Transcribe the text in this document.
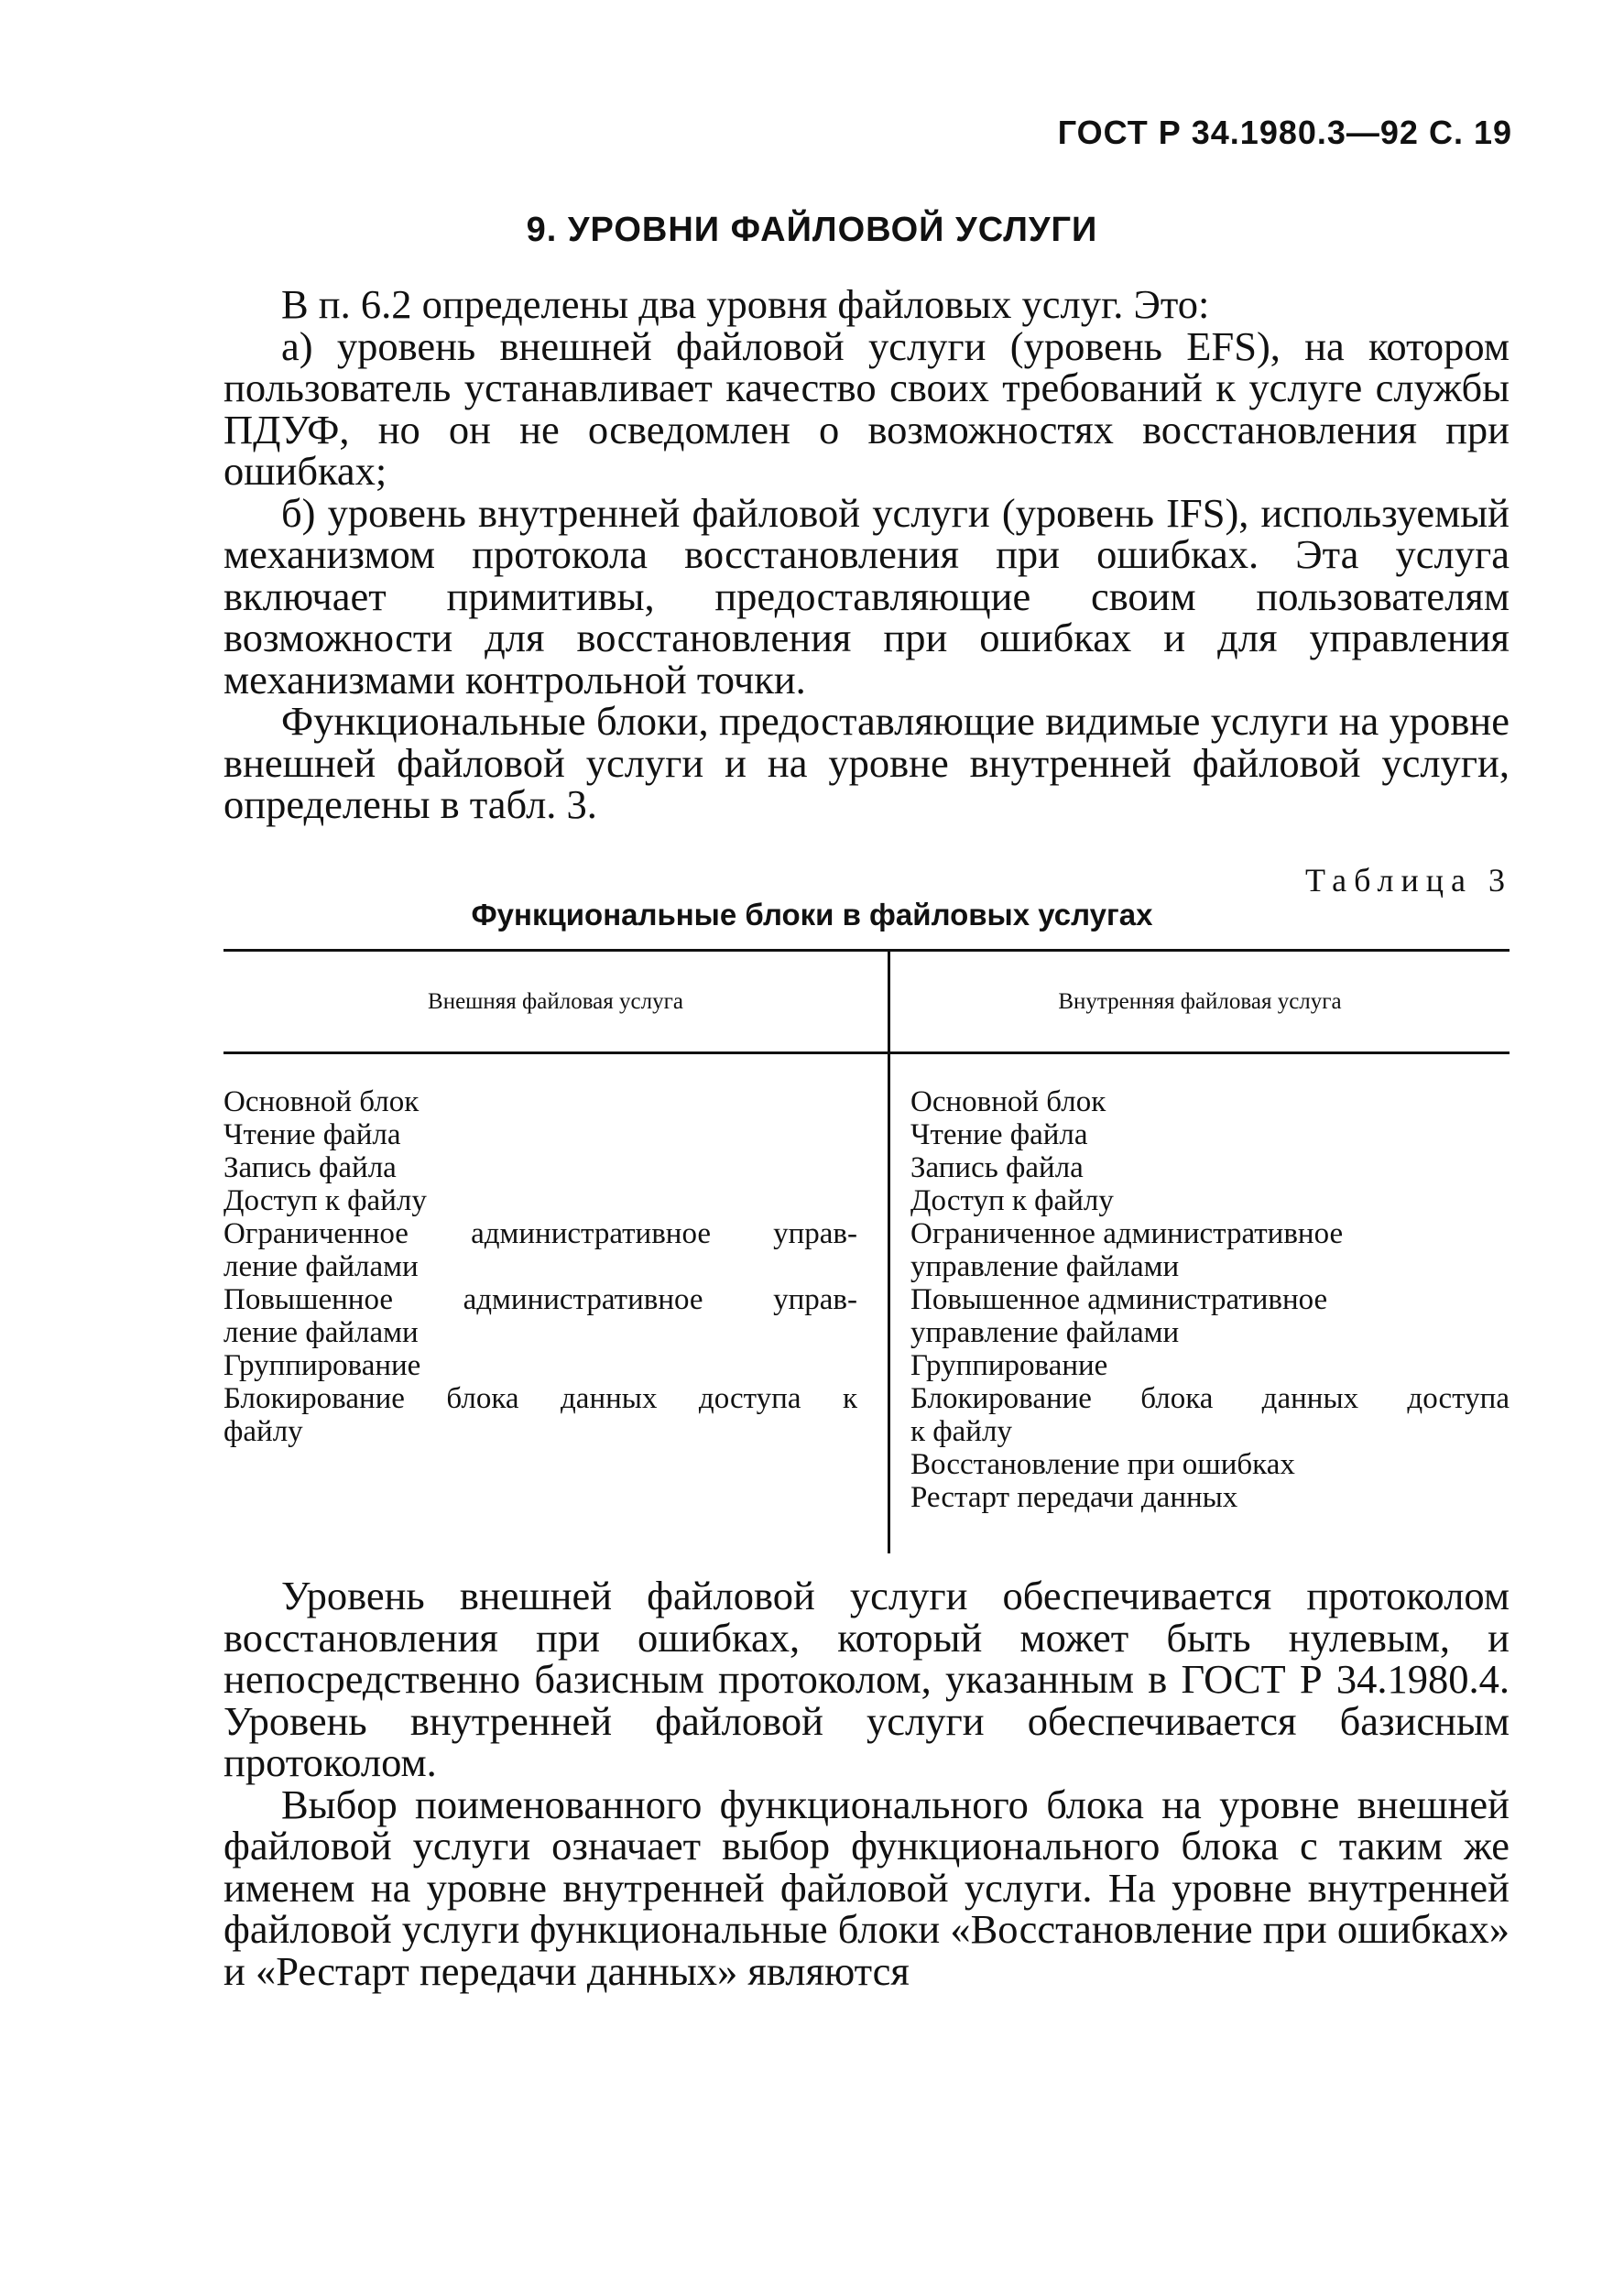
ГОСТ Р 34.1980.3—92 С. 19
9. УРОВНИ ФАЙЛОВОЙ УСЛУГИ

В п. 6.2 определены два уровня файловых услуг. Это:

а) уровень внешней файловой услуги (уровень EFS), на котором пользователь устанавливает качество своих требований к услуге службы ПДУФ, но он не осведомлен о возможностях восстановления при ошибках;

б) уровень внутренней файловой услуги (уровень IFS), используемый механизмом протокола восстановления при ошибках. Эта услуга включает примитивы, предоставляющие своим пользователям возможности для восстановления при ошибках и для управления механизмами контрольной точки.

Функциональные блоки, предоставляющие видимые услуги на уровне внешней файловой услуги и на уровне внутренней файловой услуги, определены в табл. 3.

Таблица 3
Функциональные блоки в файловых услугах
Внешняя файловая услуга	Внутренняя файловая услуга
Основной блок
Чтение файла
Запись файла
Доступ к файлу
Ограниченное административное управ-
ление файлами
Повышенное административное управ-
ление файлами
Группирование
Блокирование блока данных доступа к
файлу
Основной блок
Чтение файла
Запись файла
Доступ к файлу
Ограниченное административное
управление файлами
Повышенное административное
управление файлами
Группирование
Блокирование блока данных доступа
к файлу
Восстановление при ошибках
Рестарт передачи данных

Уровень внешней файловой услуги обеспечивается протоколом восстановления при ошибках, который может быть нулевым, и непосредственно базисным протоколом, указанным в ГОСТ Р 34.1980.4. Уровень внутренней файловой услуги обеспечивается базисным протоколом.

Выбор поименованного функционального блока на уровне внешней файловой услуги означает выбор функционального блока с таким же именем на уровне внутренней файловой услуги. На уровне внутренней файловой услуги функциональные блоки «Восстановление при ошибках» и «Рестарт передачи данных» являются
